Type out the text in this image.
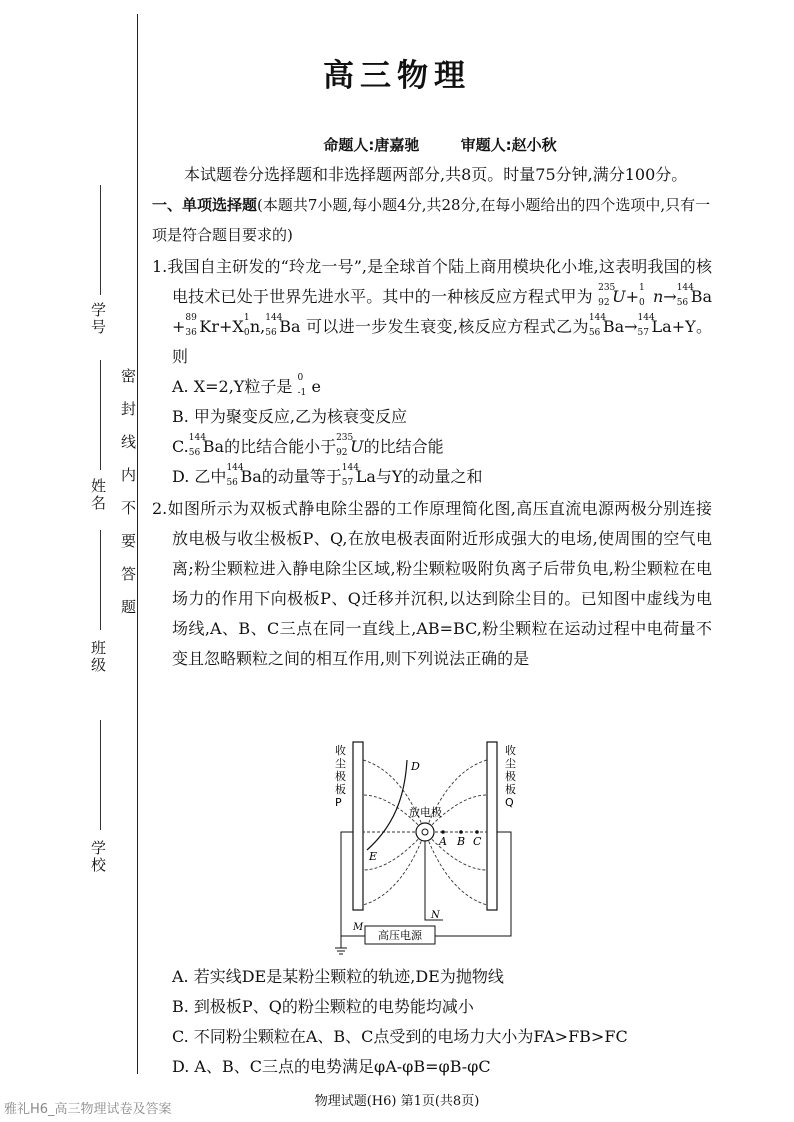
学校
班级
姓名
学号
密封线内不要答题
高三物理
命题人:唐嘉驰	审题人:赵小秋
本试题卷分选择题和非选择题两部分,共8页。时量75分钟,满分100分。
一、单项选择题(本题共7小题,每小题4分,共28分,在每小题给出的四个选项中,只有一项是符合题目要求的)
1.我国自主研发的“玲龙一号”,是全球首个陆上商用模块化小堆,这表明我国的核电技术已处于世界先进水平。其中的一种核反应方程式甲为 235
92 U+ 1
0 n→ 144
56 Ba+ 89
36 Kr+X 1
0 n, 144
56 Ba 可以进一步发生衰变,核反应方程式乙为 144
56 Ba→ 144
57 La+Y。则
A. X=2,Y粒子是 0
-1 e
B. 甲为聚变反应,乙为核衰变反应
C. 144
56 Ba的比结合能小于 235
92 U的比结合能
D. 乙中 144
56 Ba的动量等于 144
57 La与Y的动量之和
2.如图所示为双板式静电除尘器的工作原理简化图,高压直流电源两极分别连接放电极与收尘极板P、Q,在放电极表面附近形成强大的电场,使周围的空气电离;粉尘颗粒进入静电除尘区域,粉尘颗粒吸附负离子后带负电,粉尘颗粒在电场力的作用下向极板P、Q迁移并沉积,以达到除尘目的。已知图中虚线为电场线,A、B、C三点在同一直线上,AB=BC,粉尘颗粒在运动过程中电荷量不变且忽略颗粒之间的相互作用,则下列说法正确的是
收尘极板 P
收尘极板 Q
放电极
A B C
D
E
高压电源
M
N
A. 若实线DE是某粉尘颗粒的轨迹,DE为抛物线
B. 到极板P、Q的粉尘颗粒的电势能均减小
C. 不同粉尘颗粒在A、B、C点受到的电场力大小为FA>FB>FC
D. A、B、C三点的电势满足φA-φB=φB-φC
物理试题(H6) 第1页(共8页)
雅礼H6_高三物理试卷及答案
